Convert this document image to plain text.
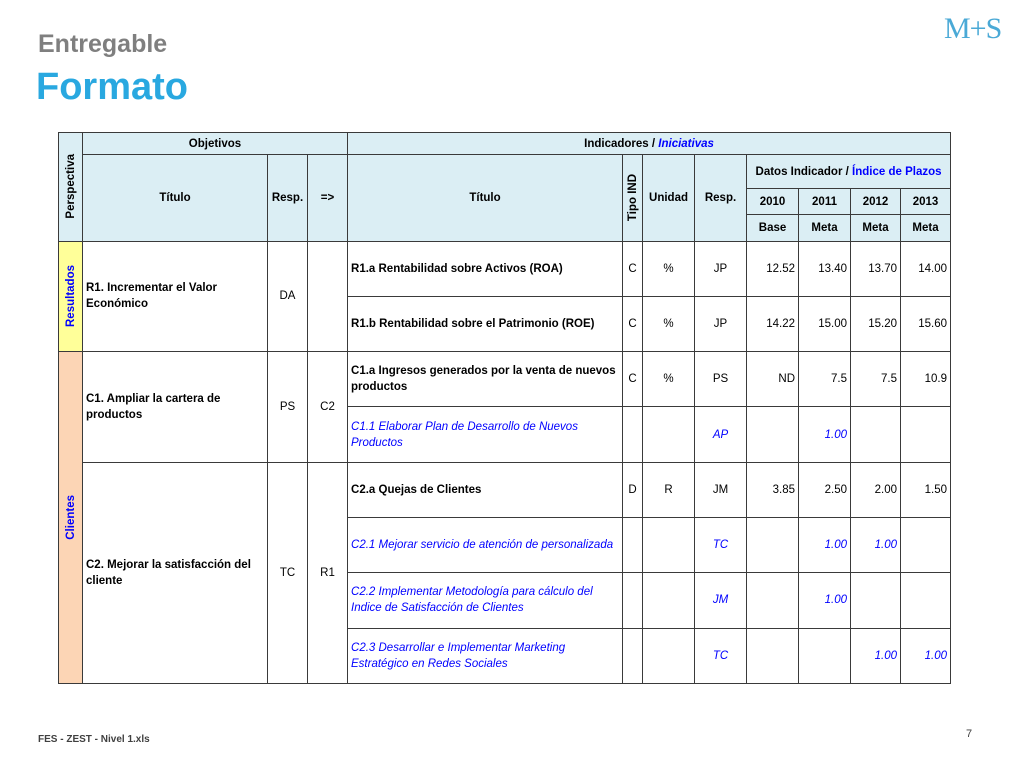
Entregable
Formato
M+S
Perspectiva	Objetivos			Indicadores / Iniciativas							
	Título	Resp.	=>	Título	Tipo IND	Unidad	Resp.	Datos Indicador / Índice de Plazos			
								2010	2011	2012	2013
								Base	Meta	Meta	Meta

Resultados	R1. Incrementar el Valor Económico	DA		R1.a Rentabilidad sobre Activos (ROA)	C	%	JP	12.52	13.40	13.70	14.00
				R1.b Rentabilidad sobre el Patrimonio (ROE)	C	%	JP	14.22	15.00	15.20	15.60

Clientes	C1. Ampliar la cartera de productos	PS	C2	C1.a Ingresos generados por la venta de nuevos productos	C	%	PS	ND	7.5	7.5	10.9
				C1.1 Elaborar Plan de Desarrollo de Nuevos Productos			AP		1.00		
	C2. Mejorar la satisfacción del cliente	TC	R1	C2.a Quejas de Clientes	D	R	JM	3.85	2.50	2.00	1.50
				C2.1 Mejorar servicio de atención de personalizada			TC		1.00	1.00	
				C2.2 Implementar Metodología para cálculo del Indice de Satisfacción de Clientes			JM		1.00		
				C2.3 Desarrollar e Implementar Marketing Estratégico en Redes Sociales			TC			1.00	1.00
FES - ZEST - Nivel 1.xls	7
